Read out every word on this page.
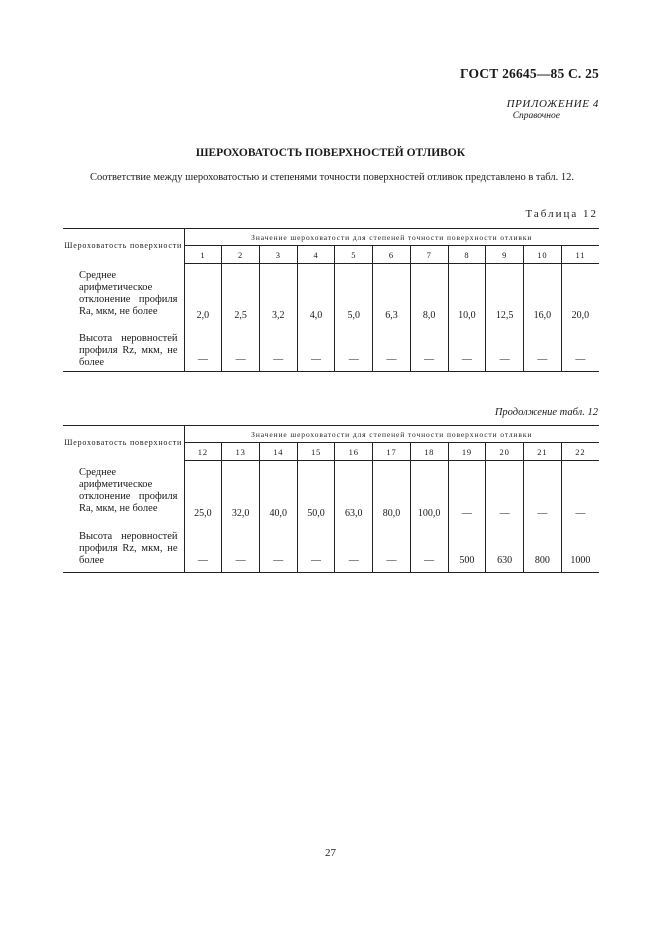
ГОСТ 26645—85 С. 25
ПРИЛОЖЕНИЕ 4
Справочное
ШЕРОХОВАТОСТЬ ПОВЕРХНОСТЕЙ ОТЛИВОК
Соответствие между шероховатостью и степенями точности поверхностей отливок представлено в табл. 12.
Таблица 12
Шероховатость поверхности	Значение шероховатости для степеней точности поверхности отливки										
	1	2	3	4	5	6	7	8	9	10	11
Среднее арифметическое отклонение профиля Ra, мкм, не более	2,0	2,5	3,2	4,0	5,0	6,3	8,0	10,0	12,5	16,0	20,0
Высота неровностей профиля Rz, мкм, не более	—	—	—	—	—	—	—	—	—	—	—
Продолжение табл. 12
Шероховатость поверхности	Значение шероховатости для степеней точности поверхности отливки										
	12	13	14	15	16	17	18	19	20	21	22
Среднее арифметическое отклонение профиля Ra, мкм, не более	25,0	32,0	40,0	50,0	63,0	80,0	100,0	—	—	—	—
Высота неровностей профиля Rz, мкм, не более	—	—	—	—	—	—	—	500	630	800	1000
27
